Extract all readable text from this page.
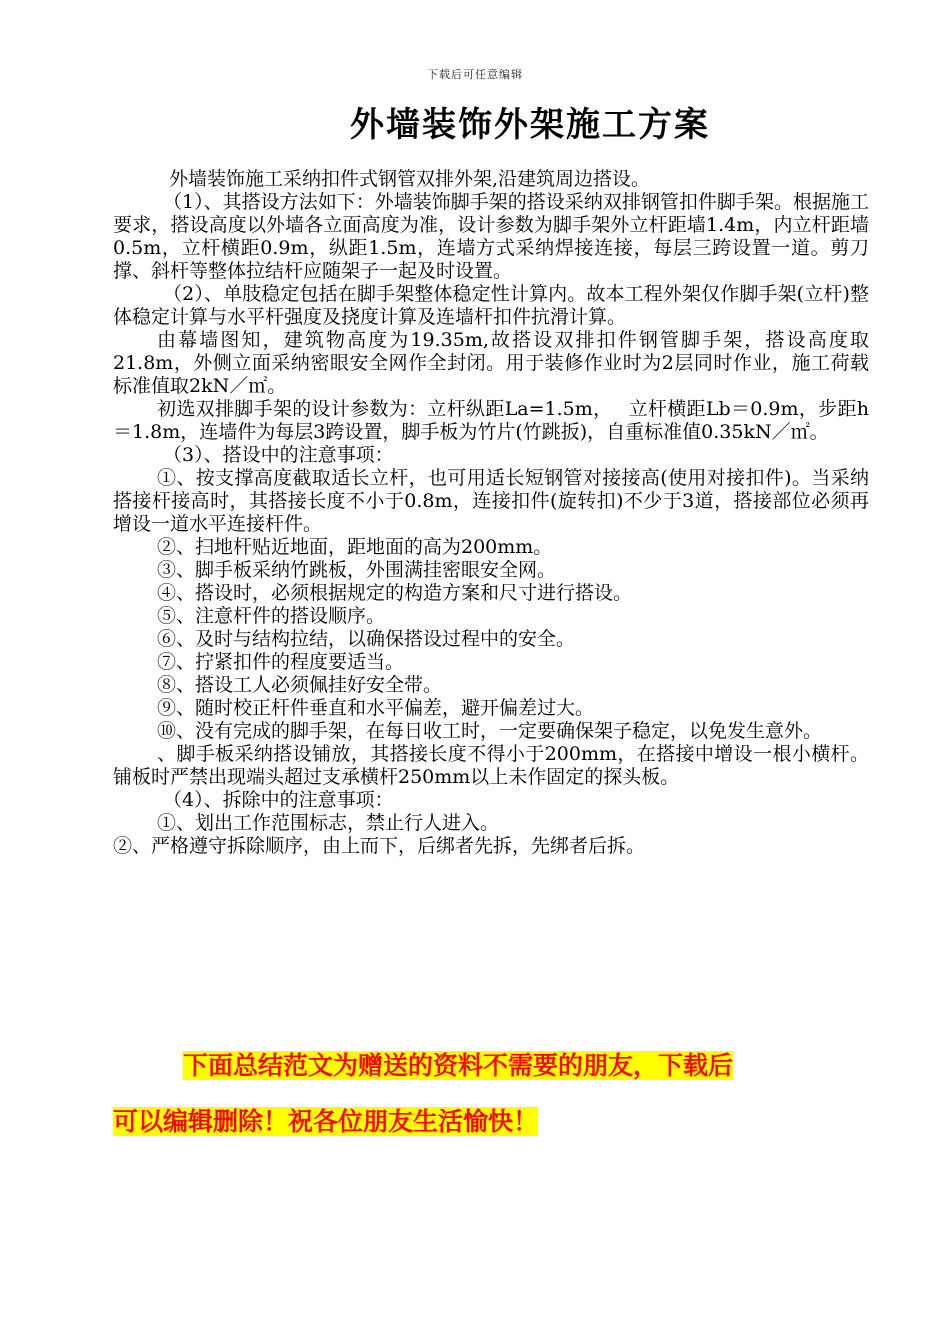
下载后可任意编辑
外墙装饰外架施工方案

外墙装饰施工采纳扣件式钢管双排外架,沿建筑周边搭设。

（1）、其搭设方法如下：外墙装饰脚手架的搭设采纳双排钢管扣件脚手架。根据施工要求，搭设高度以外墙各立面高度为准，设计参数为脚手架外立杆距墙1.4m，内立杆距墙0.5m，立杆横距0.9m，纵距1.5m，连墙方式采纳焊接连接，每层三跨设置一道。剪刀撑、斜杆等整体拉结杆应随架子一起及时设置。

（2）、单肢稳定包括在脚手架整体稳定性计算内。故本工程外架仅作脚手架(立杆)整体稳定计算与水平杆强度及挠度计算及连墙杆扣件抗滑计算。

由幕墙图知，建筑物高度为19.35m,故搭设双排扣件钢管脚手架，搭设高度取21.8m，外侧立面采纳密眼安全网作全封闭。用于装修作业时为2层同时作业，施工荷载标准值取2kN／㎡。

初选双排脚手架的设计参数为：立杆纵距La=1.5m，　 立杆横距Lb＝0.9m，步距h＝1.8m，连墙件为每层3跨设置，脚手板为竹片(竹跳扳)，自重标准值0.35kN／㎡。

（3）、搭设中的注意事项：

①、按支撑高度截取适长立杆，也可用适长短钢管对接接高(使用对接扣件)。当采纳搭接杆接高时，其搭接长度不小于0.8m，连接扣件(旋转扣)不少于3道，搭接部位必须再增设一道水平连接杆件。

②、扫地杆贴近地面，距地面的高为200mm。

③、脚手板采纳竹跳板，外围满挂密眼安全网。

④、搭设时，必须根据规定的构造方案和尺寸进行搭设。

⑤、注意杆件的搭设顺序。

⑥、及时与结构拉结，以确保搭设过程中的安全。

⑦、拧紧扣件的程度要适当。

⑧、搭设工人必须佩挂好安全带。

⑨、随时校正杆件垂直和水平偏差，避开偏差过大。

⑩、没有完成的脚手架，在每日收工时，一定要确保架子稳定，以免发生意外。

、脚手板采纳搭设铺放，其搭接长度不得小于200mm，在搭接中增设一根小横杆。铺板时严禁出现端头超过支承横杆250mm以上未作固定的探头板。

（4）、拆除中的注意事项：

①、划出工作范围标志，禁止行人进入。

②、严格遵守拆除顺序，由上而下，后绑者先拆，先绑者后拆。

下面总结范文为赠送的资料不需要的朋友，下载后

可以编辑删除！祝各位朋友生活愉快！
